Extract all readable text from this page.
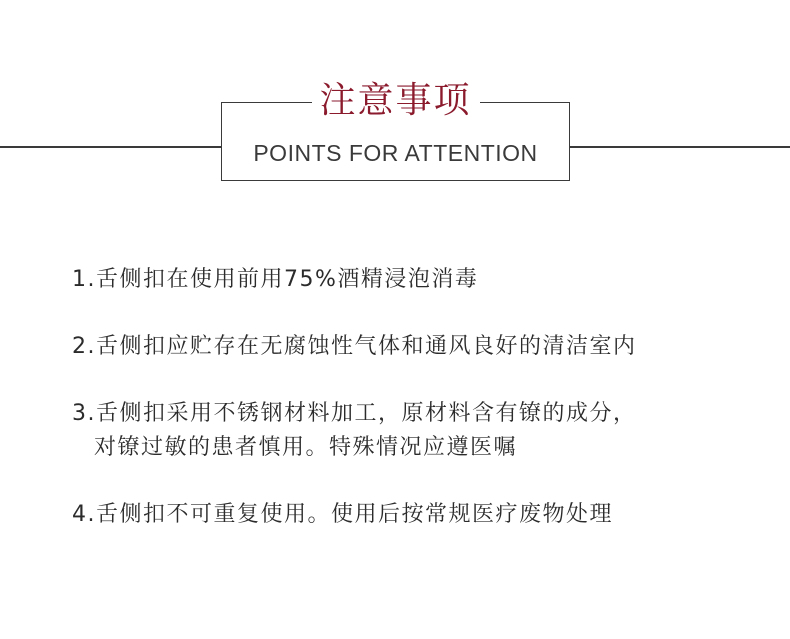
注意事项
POINTS FOR ATTENTION
1.舌侧扣在使用前用75%酒精浸泡消毒
2.舌侧扣应贮存在无腐蚀性气体和通风良好的清洁室内
3.舌侧扣采用不锈钢材料加工，原材料含有镣的成分，
对镣过敏的患者慎用。特殊情况应遵医嘱
4.舌侧扣不可重复使用。使用后按常规医疗废物处理
